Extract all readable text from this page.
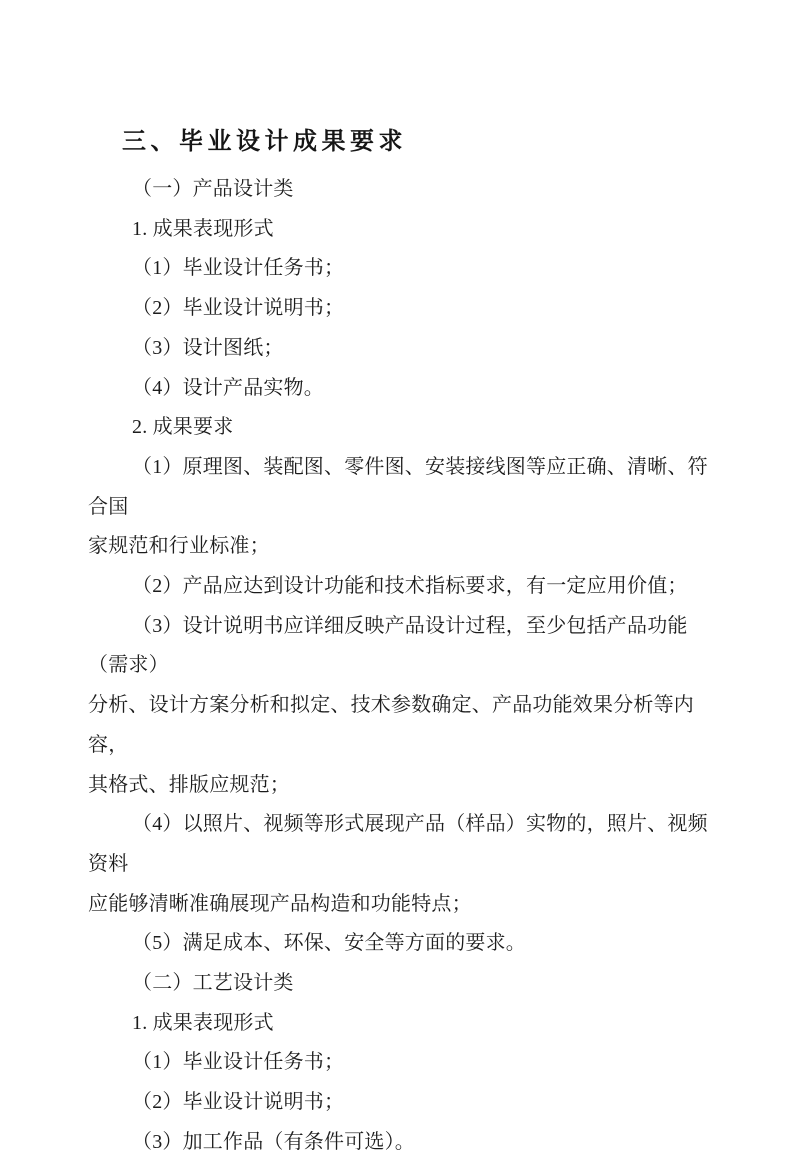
三、毕业设计成果要求

（一）产品设计类

1. 成果表现形式

（1）毕业设计任务书；

（2）毕业设计说明书；

（3）设计图纸；

（4）设计产品实物。

2. 成果要求

（1）原理图、装配图、零件图、安装接线图等应正确、清晰、符合国
家规范和行业标准；

（2）产品应达到设计功能和技术指标要求，有一定应用价值；

（3）设计说明书应详细反映产品设计过程，至少包括产品功能（需求）
分析、设计方案分析和拟定、技术参数确定、产品功能效果分析等内容，
其格式、排版应规范；

（4）以照片、视频等形式展现产品（样品）实物的，照片、视频资料
应能够清晰准确展现产品构造和功能特点；

（5）满足成本、环保、安全等方面的要求。

（二）工艺设计类

1. 成果表现形式

（1）毕业设计任务书；

（2）毕业设计说明书；

（3）加工作品（有条件可选）。
